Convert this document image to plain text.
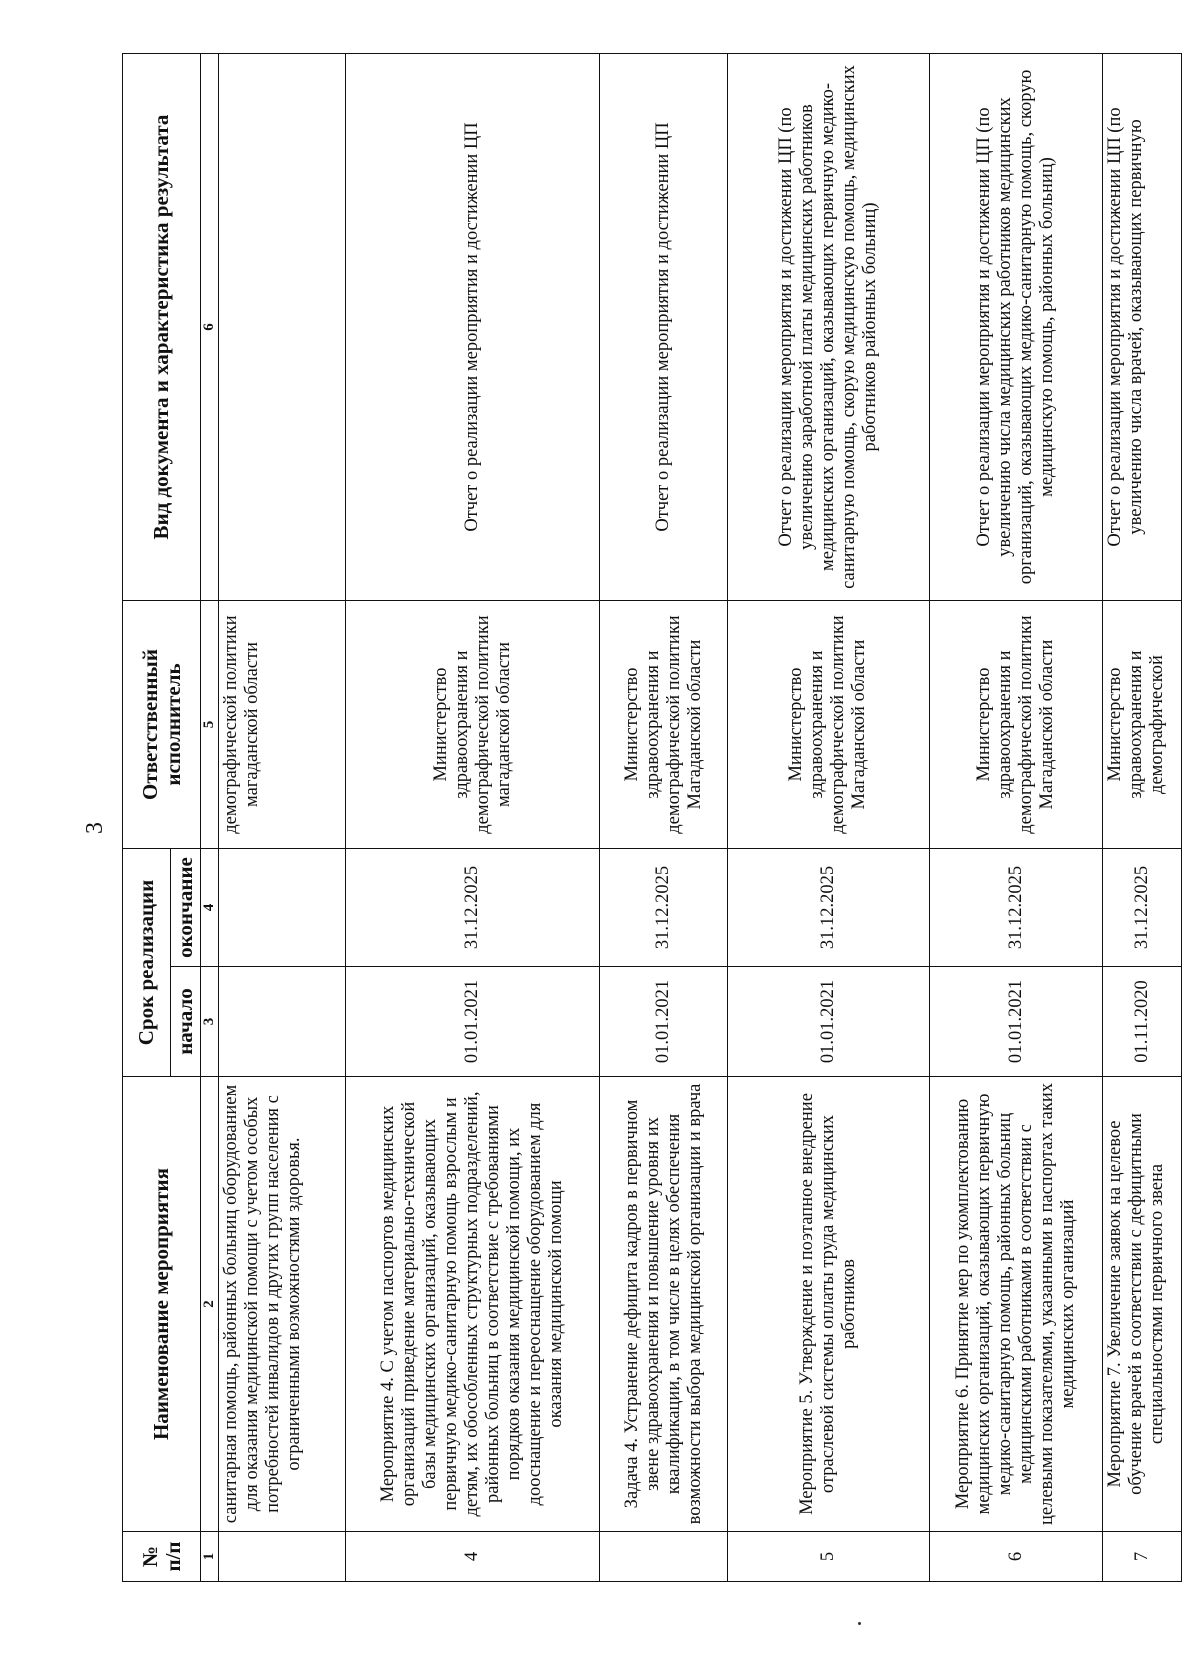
3
№ п/п	Наименование мероприятия	Срок реализации		Ответственный исполнитель	Вид документа и характеристика результата
		начало	окончание		
1	2	3	4	5	6
	санитарная помощь, районных больниц оборудованием для оказания медицинской помощи с учетом особых потребностей инвалидов и других групп населения с ограниченными возможностями здоровья.			демографической политики магаданской области	
4	Мероприятие 4. С учетом паспортов медицинских организаций приведение материально-технической базы медицинских организаций, оказывающих первичную медико-санитарную помощь взрослым и детям, их обособленных структурных подразделений, районных больниц в соответствие с требованиями порядков оказания медицинской помощи, их дооснащение и переоснащение оборудованием для оказания медицинской помощи	01.01.2021	31.12.2025	Министерство здравоохранения и демографической политики магаданской области	Отчет о реализации мероприятия и достижении ЦП
	Задача 4. Устранение дефицита кадров в первичном звене здравоохранения и повышение уровня их квалификации, в том числе в целях обеспечения возможности выбора медицинской организации и врача	01.01.2021	31.12.2025	Министерство здравоохранения и демографической политики Магаданской области	Отчет о реализации мероприятия и достижении ЦП
5	Мероприятие 5. Утверждение и поэтапное внедрение отраслевой системы оплаты труда медицинских работников	01.01.2021	31.12.2025	Министерство здравоохранения и демографической политики Магаданской области	Отчет о реализации мероприятия и достижении ЦП (по увеличению заработной платы медицинских работников медицинских организаций, оказывающих первичную медико-санитарную помощь, скорую медицинскую помощь, медицинских работников районных больниц)
6	Мероприятие 6. Принятие мер по укомплектованию медицинских организаций, оказывающих первичную медико-санитарную помощь, районных больниц медицинскими работниками в соответствии с целевыми показателями, указанными в паспортах таких медицинских организаций	01.01.2021	31.12.2025	Министерство здравоохранения и демографической политики Магаданской области	Отчет о реализации мероприятия и достижении ЦП (по увеличению числа медицинских работников медицинских организаций, оказывающих медико-санитарную помощь, скорую медицинскую помощь, районных больниц)
7	Мероприятие 7. Увеличение заявок на целевое обучение врачей в соответствии с дефицитными специальностями первичного звена	01.11.2020	31.12.2025	Министерство здравоохранения и демографической	Отчет о реализации мероприятия и достижении ЦП (по увеличению числа врачей, оказывающих первичную
